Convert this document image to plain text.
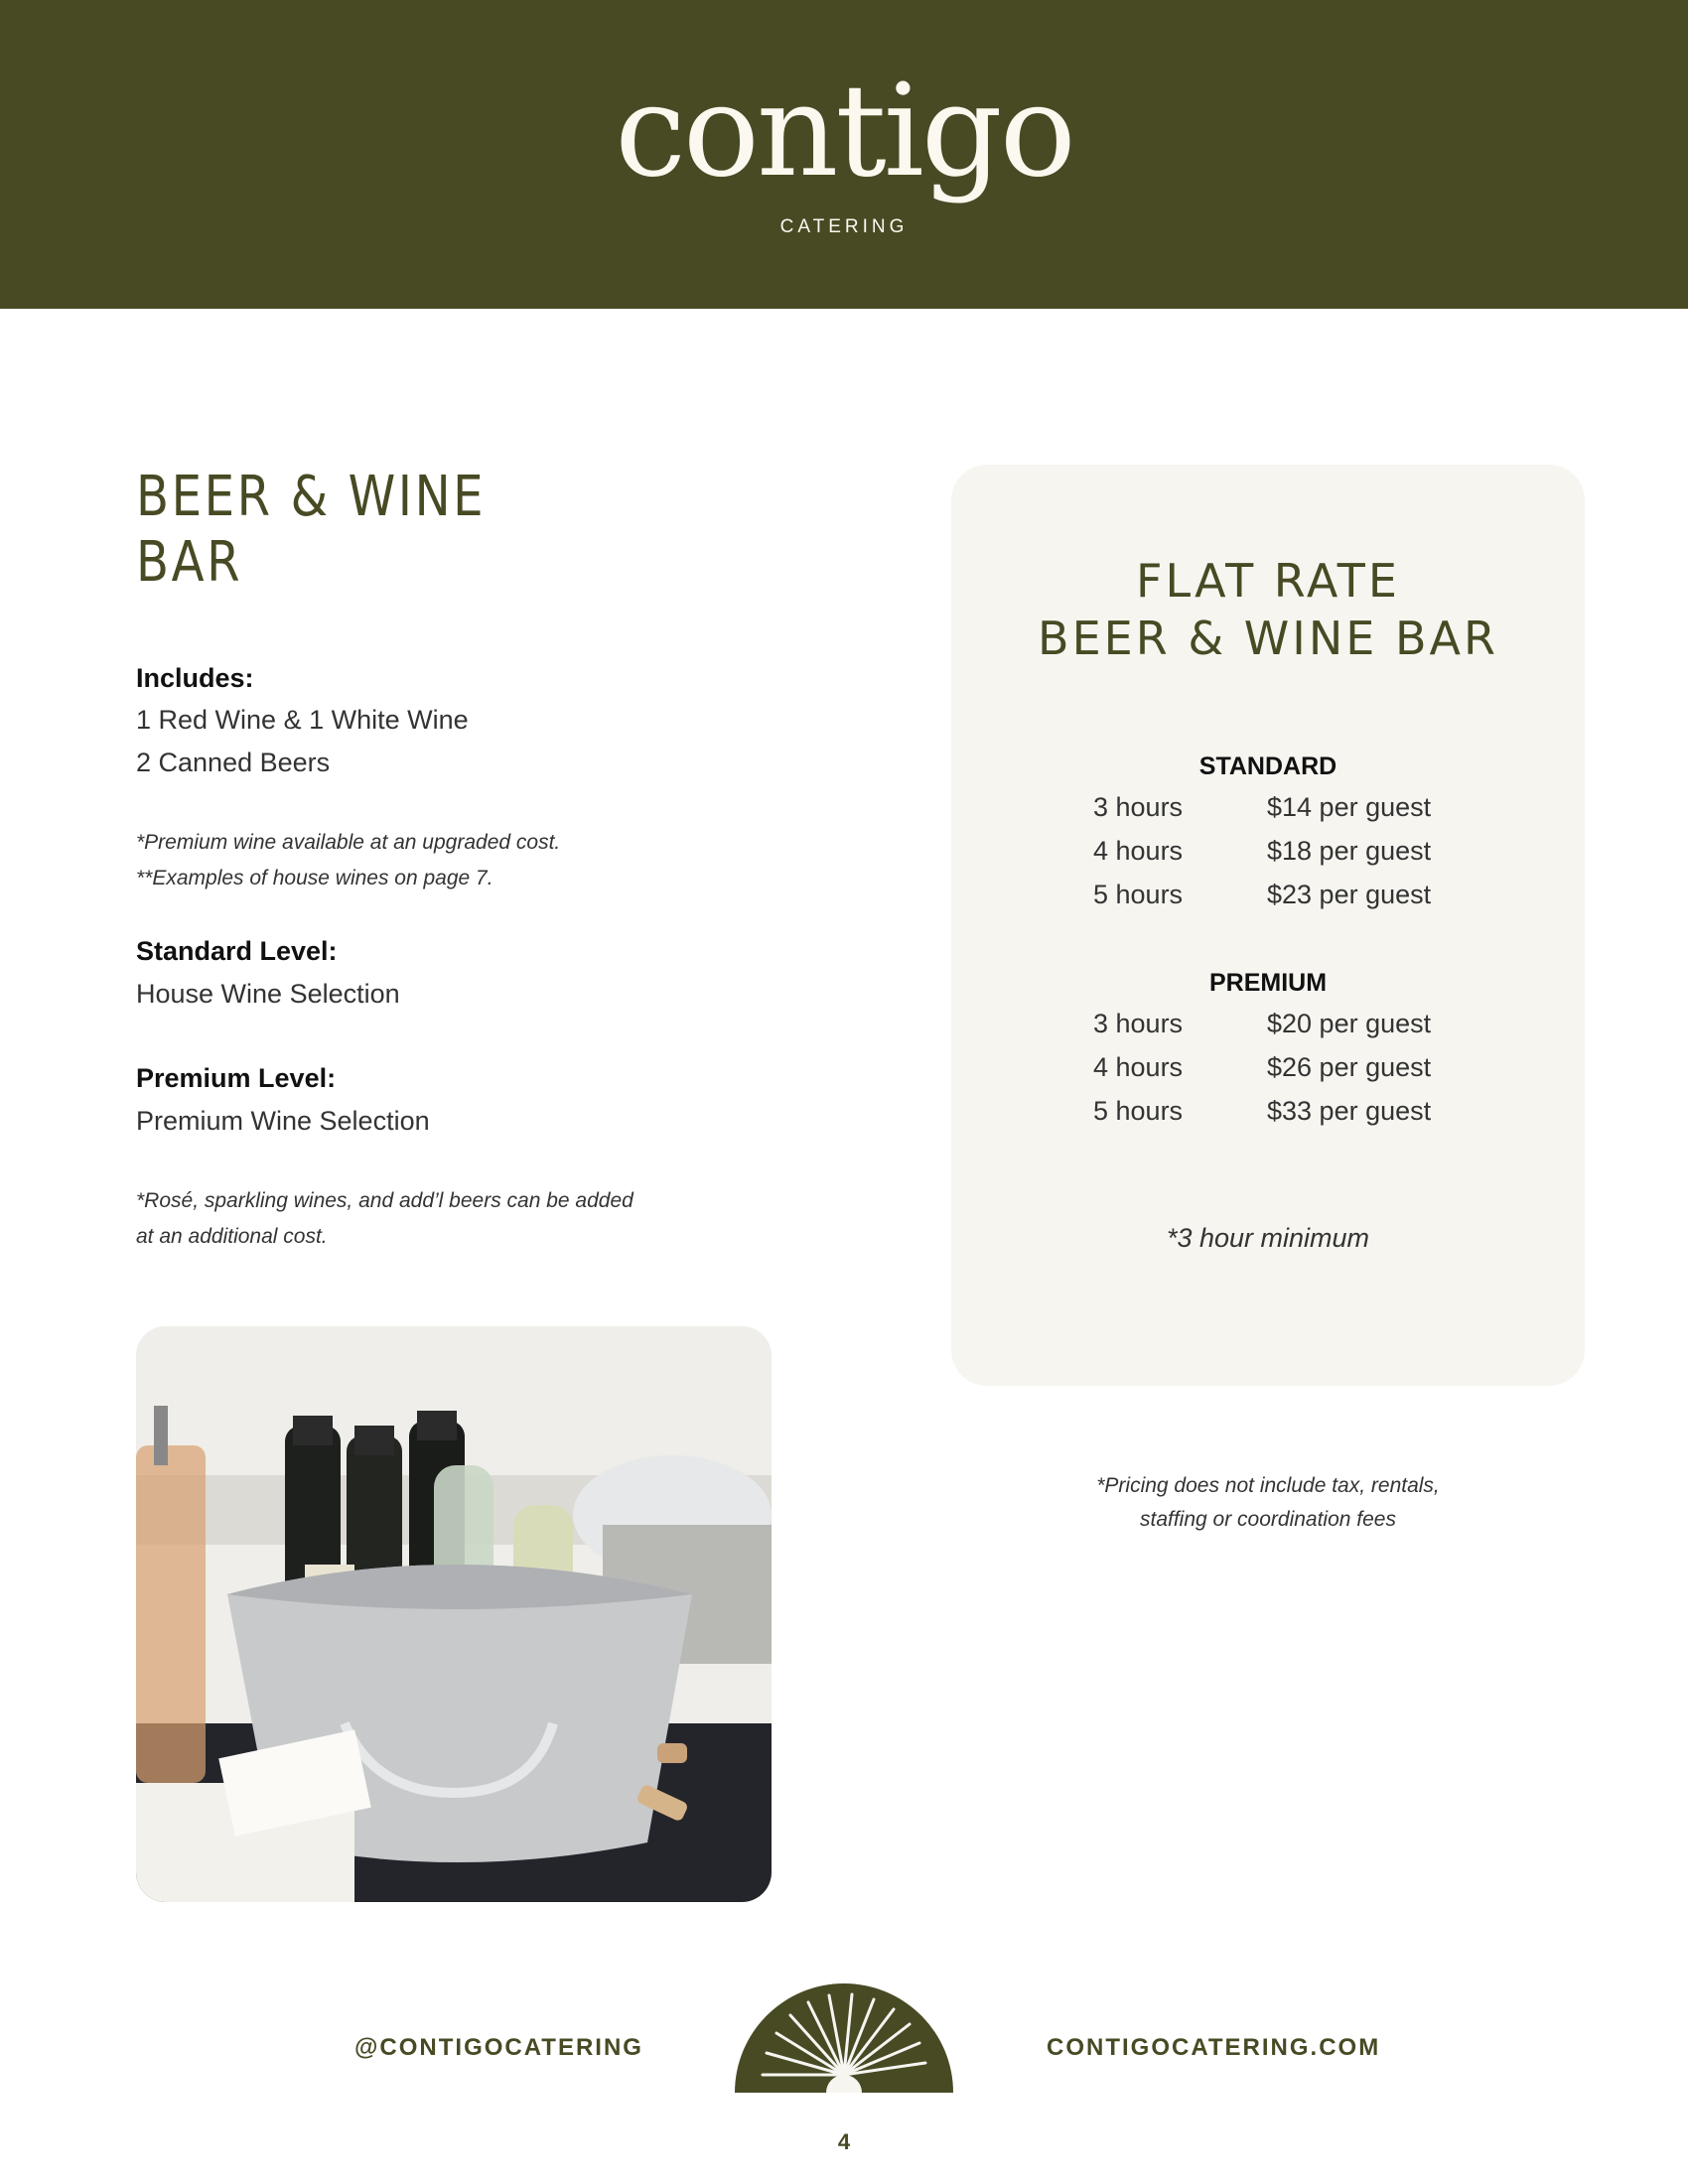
contigo
CATERING
BEER & WINE
BAR
Includes:
1 Red Wine & 1 White Wine
2 Canned Beers
*Premium wine available at an upgraded cost.
**Examples of house wines on page 7.
Standard Level:
House Wine Selection
Premium Level:
Premium Wine Selection
*Rosé, sparkling wines, and add’l beers can be added
at an additional cost.
FLAT RATE
BEER & WINE BAR
STANDARD
3 hours	$14 per guest
4 hours	$18 per guest
5 hours	$23 per guest
PREMIUM
3 hours	$20 per guest
4 hours	$26 per guest
5 hours	$33 per guest
*3 hour minimum
*Pricing does not include tax, rentals,
staffing or coordination fees
@CONTIGOCATERING	CONTIGOCATERING.COM
4
